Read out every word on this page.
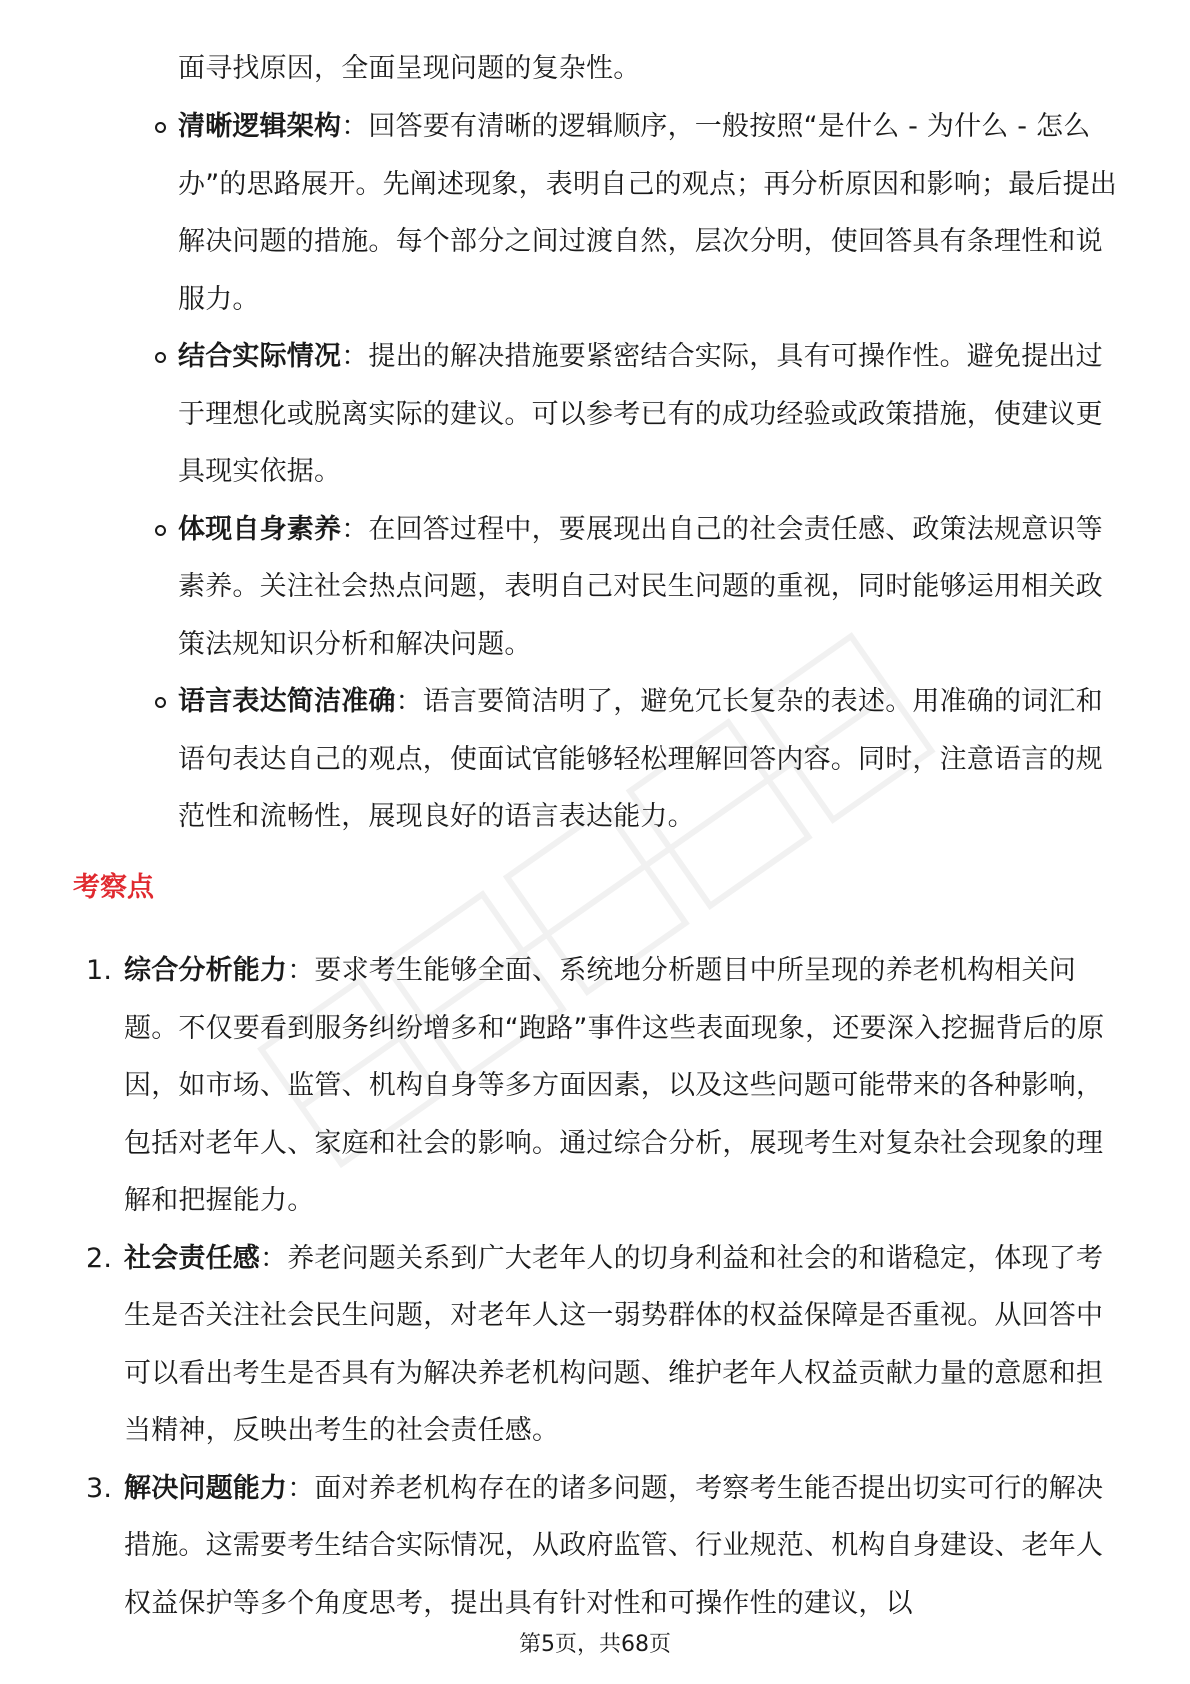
面寻找原因，全面呈现问题的复杂性。
清晰逻辑架构：回答要有清晰的逻辑顺序，一般按照“是什么 - 为什么 - 怎么办”的思路展开。先阐述现象，表明自己的观点；再分析原因和影响；最后提出解决问题的措施。每个部分之间过渡自然，层次分明，使回答具有条理性和说服力。
结合实际情况：提出的解决措施要紧密结合实际，具有可操作性。避免提出过于理想化或脱离实际的建议。可以参考已有的成功经验或政策措施，使建议更具现实依据。
体现自身素养：在回答过程中，要展现出自己的社会责任感、政策法规意识等素养。关注社会热点问题，表明自己对民生问题的重视，同时能够运用相关政策法规知识分析和解决问题。
语言表达简洁准确：语言要简洁明了，避免冗长复杂的表述。用准确的词汇和语句表达自己的观点，使面试官能够轻松理解回答内容。同时，注意语言的规范性和流畅性，展现良好的语言表达能力。
考察点
1. 综合分析能力：要求考生能够全面、系统地分析题目中所呈现的养老机构相关问题。不仅要看到服务纠纷增多和“跑路”事件这些表面现象，还要深入挖掘背后的原因，如市场、监管、机构自身等多方面因素，以及这些问题可能带来的各种影响，包括对老年人、家庭和社会的影响。通过综合分析，展现考生对复杂社会现象的理解和把握能力。
2. 社会责任感：养老问题关系到广大老年人的切身利益和社会的和谐稳定，体现了考生是否关注社会民生问题，对老年人这一弱势群体的权益保障是否重视。从回答中可以看出考生是否具有为解决养老机构问题、维护老年人权益贡献力量的意愿和担当精神，反映出考生的社会责任感。
3. 解决问题能力：面对养老机构存在的诸多问题，考察考生能否提出切实可行的解决措施。这需要考生结合实际情况，从政府监管、行业规范、机构自身建设、老年人权益保护等多个角度思考，提出具有针对性和可操作性的建议，以
第5页，共68页
